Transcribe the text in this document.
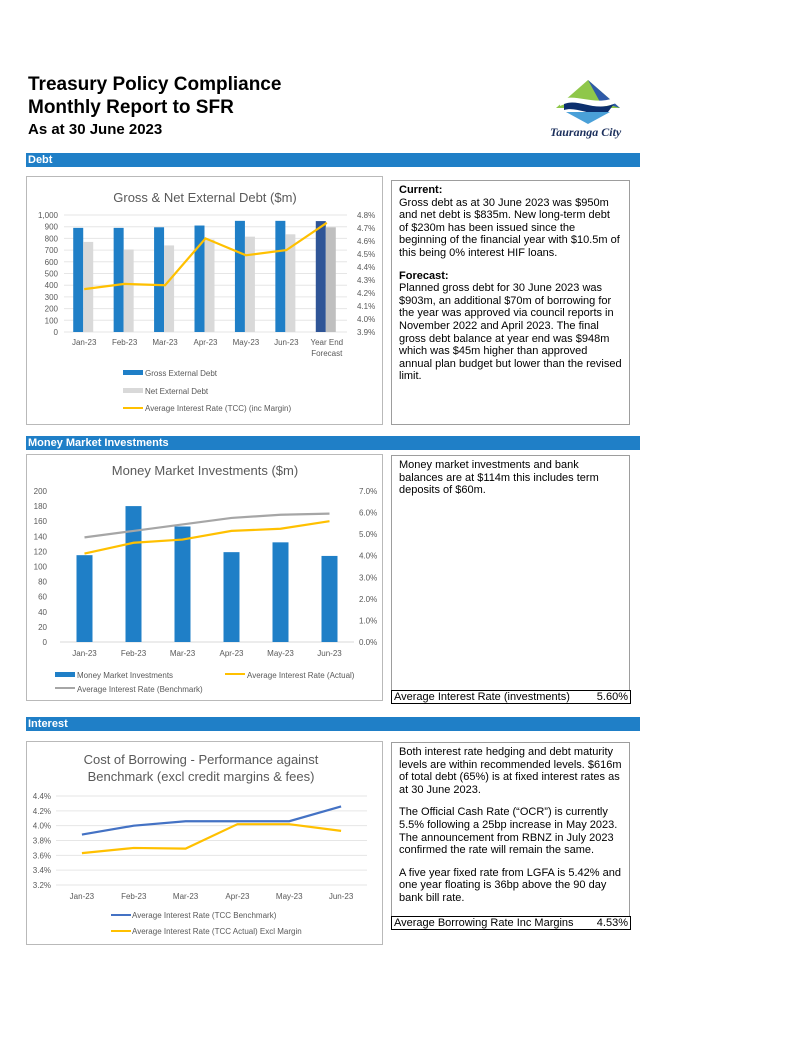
Treasury Policy Compliance
Monthly Report to SFR
As at 30 June 2023	Tauranga City
Debt
Gross & Net External Debt ($m)
0
100
200
300
400
500
600
700
800
900
1,000
3.9%
4.0%
4.1%
4.2%
4.3%
4.4%
4.5%
4.6%
4.7%
4.8%
Jan-23 Feb-23 Mar-23 Apr-23 May-23 Jun-23 Year End
Forecast
Gross External Debt
Net External Debt
Average Interest Rate (TCC) (inc Margin)
Current:

Gross debt as at 30 June 2023 was $950m and net debt is $835m. New long-term debt of $230m has been issued since the beginning of the financial year with $10.5m of this being 0% interest HIF loans.

Forecast:

Planned gross debt for 30 June 2023 was $903m, an additional $70m of borrowing for the year was approved via council reports in November 2022 and April 2023. The final gross debt balance at year end was $948m which was $45m higher than approved annual plan budget but lower than the revised limit.

Money Market Investments
Money Market Investments ($m)
0
20
40
60
80
100
120
140
160
180
200
0.0%
1.0%
2.0%
3.0%
4.0%
5.0%
6.0%
7.0%
Jan-23	Feb-23	Mar-23	Apr-23	May-23	Jun-23
Money Market Investments	Average Interest Rate (Actual)
Average Interest Rate (Benchmark)

Money market investments and bank balances are at $114m this includes term deposits of $60m.

Average Interest Rate (investments) 5.60%
Interest
Cost of Borrowing - Performance against
Benchmark (excl credit margins & fees)
3.2%
3.4%
3.6%
3.8%
4.0%
4.2%
4.4%
Jan-23	Feb-23	Mar-23	Apr-23	May-23	Jun-23
Average Interest Rate (TCC Benchmark)
Average Interest Rate (TCC Actual) Excl Margin

Both interest rate hedging and debt maturity levels are within recommended levels. $616m of total debt (65%) is at fixed interest rates as at 30 June 2023.

The Official Cash Rate (“OCR”) is currently 5.5% following a 25bp increase in May 2023. The announcement from RBNZ in July 2023 confirmed the rate will remain the same.

A five year fixed rate from LGFA is 5.42% and one year floating is 36bp above the 90 day bank bill rate.

Average Borrowing Rate Inc Margins 4.53%
